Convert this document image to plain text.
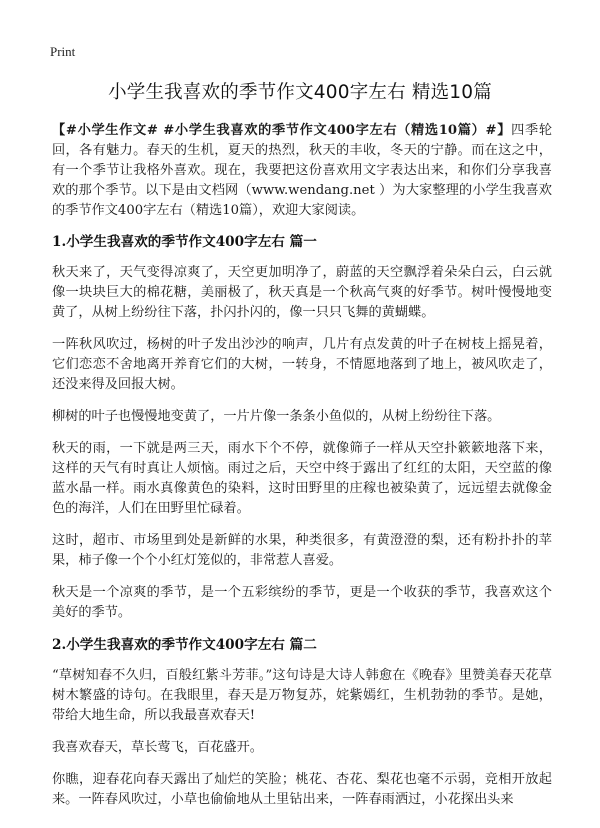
Print
小学生我喜欢的季节作文400字左右 精选10篇

【#小学生作文# #小学生我喜欢的季节作文400字左右（精选10篇）#】四季轮回，各有魅力。春天的生机，夏天的热烈，秋天的丰收，冬天的宁静。而在这之中，有一个季节让我格外喜欢。现在，我要把这份喜欢用文字表达出来，和你们分享我喜欢的那个季节。以下是由文档网（www.wendang.net ）为大家整理的小学生我喜欢的季节作文400字左右（精选10篇），欢迎大家阅读。

1.小学生我喜欢的季节作文400字左右 篇一

秋天来了，天气变得凉爽了，天空更加明净了，蔚蓝的天空飘浮着朵朵白云，白云就像一块块巨大的棉花糖，美丽极了，秋天真是一个秋高气爽的好季节。树叶慢慢地变黄了，从树上纷纷往下落，扑闪扑闪的，像一只只飞舞的黄蝴蝶。

一阵秋风吹过，杨树的叶子发出沙沙的响声，几片有点发黄的叶子在树枝上摇晃着，它们恋恋不舍地离开养育它们的大树，一转身，不情愿地落到了地上，被风吹走了，还没来得及回报大树。

柳树的叶子也慢慢地变黄了，一片片像一条条小鱼似的，从树上纷纷往下落。

秋天的雨，一下就是两三天，雨水下个不停，就像筛子一样从天空扑簌簌地落下来，这样的天气有时真让人烦恼。雨过之后，天空中终于露出了红红的太阳，天空蓝的像蓝水晶一样。雨水真像黄色的染料，这时田野里的庄稼也被染黄了，远远望去就像金色的海洋，人们在田野里忙碌着。

这时，超市、市场里到处是新鲜的水果，种类很多，有黄澄澄的梨，还有粉扑扑的苹果，柿子像一个个小红灯笼似的，非常惹人喜爱。

秋天是一个凉爽的季节，是一个五彩缤纷的季节，更是一个收获的季节，我喜欢这个美好的季节。

2.小学生我喜欢的季节作文400字左右 篇二

“草树知春不久归，百般红紫斗芳菲。”这句诗是大诗人韩愈在《晚春》里赞美春天花草树木繁盛的诗句。在我眼里，春天是万物复苏，姹紫嫣红，生机勃勃的季节。是她，带给大地生命，所以我最喜欢春天!

我喜欢春天，草长莺飞，百花盛开。

你瞧，迎春花向春天露出了灿烂的笑脸；桃花、杏花、梨花也毫不示弱，竞相开放起来。一阵春风吹过，小草也偷偷地从土里钻出来，一阵春雨洒过，小花探出头来
